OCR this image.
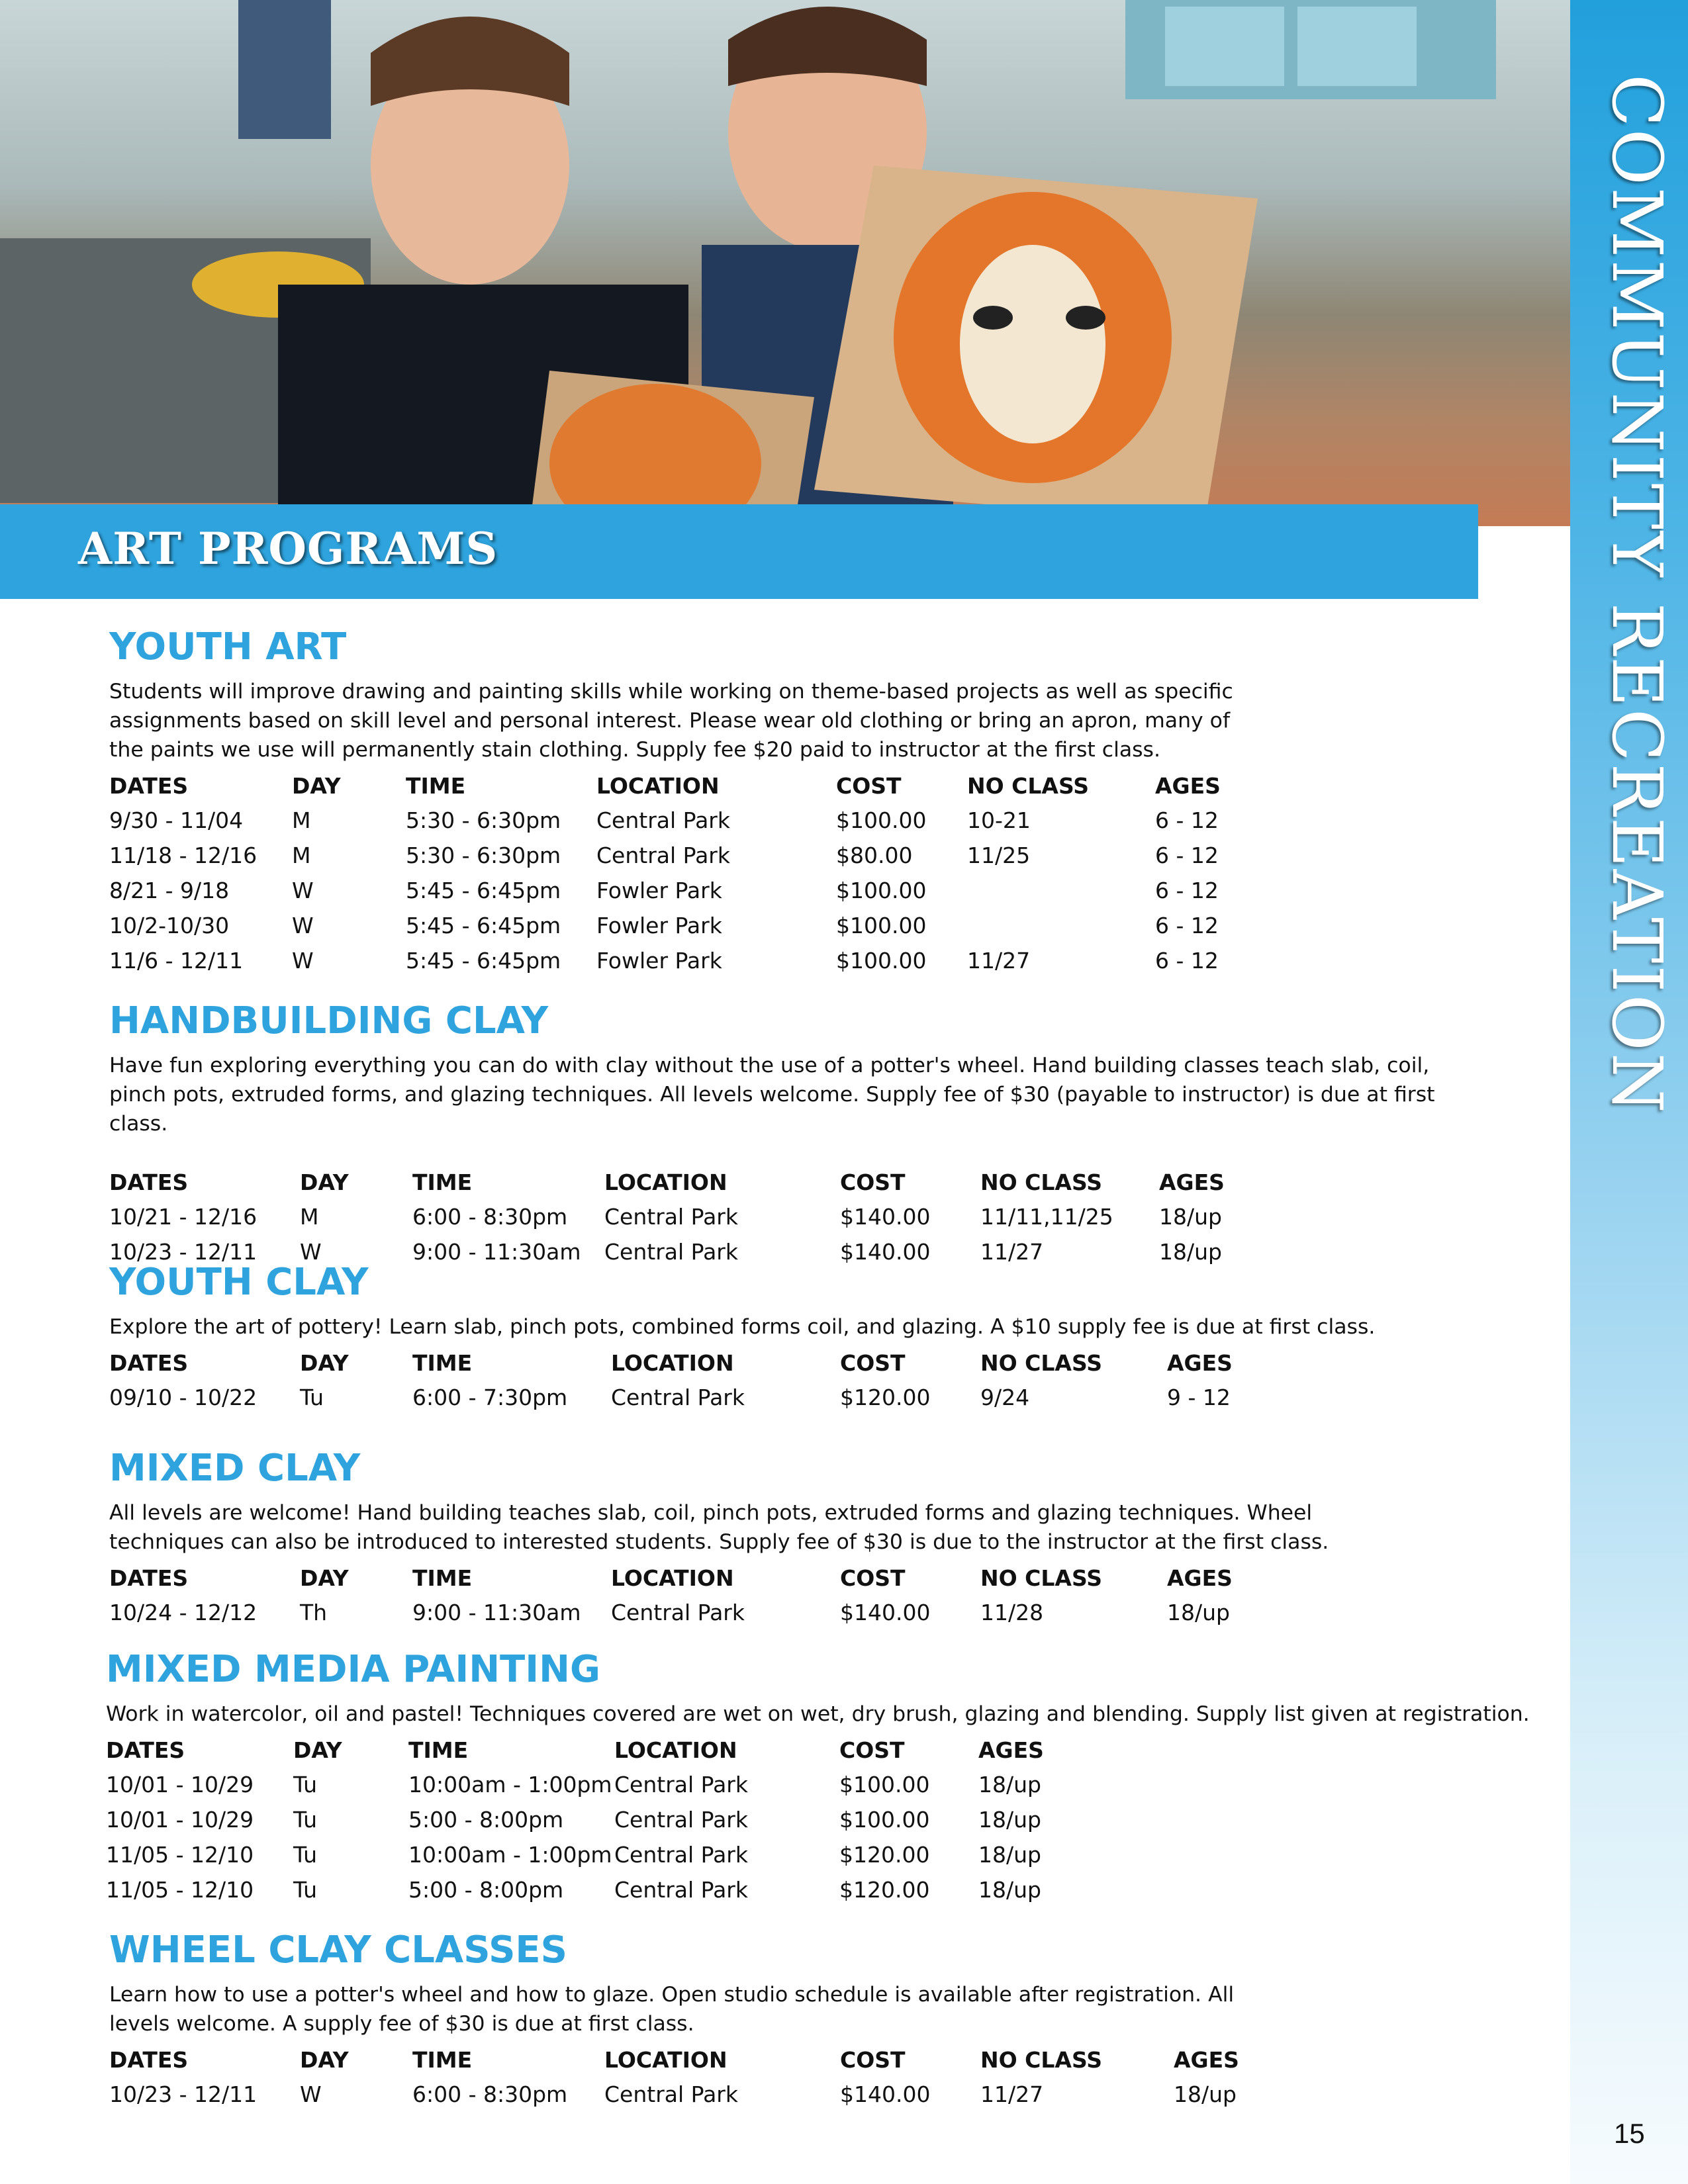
COMMUNITY RECREATION
15
ART PROGRAMS
YOUTH ART

Students will improve drawing and painting skills while working on theme-based projects as well as specific assignments based on skill level and personal interest. Please wear old clothing or bring an apron, many of the paints we use will permanently stain clothing. Supply fee $20 paid to instructor at the first class.

DATES	DAY	TIME	LOCATION	COST	NO CLASS	AGES
9/30 - 11/04	M	5:30 - 6:30pm	Central Park	$100.00	10-21	6 - 12
11/18 - 12/16	M	5:30 - 6:30pm	Central Park	$80.00	11/25	6 - 12
8/21 - 9/18	W	5:45 - 6:45pm	Fowler Park	$100.00		6 - 12
10/2-10/30	W	5:45 - 6:45pm	Fowler Park	$100.00		6 - 12
11/6 - 12/11	W	5:45 - 6:45pm	Fowler Park	$100.00	11/27	6 - 12
HANDBUILDING CLAY

Have fun exploring everything you can do with clay without the use of a potter's wheel. Hand building classes teach slab, coil, pinch pots, extruded forms, and glazing techniques. All levels welcome. Supply fee of $30 (payable to instructor) is due at first class.

DATES	DAY	TIME	LOCATION	COST	NO CLASS	AGES
10/21 - 12/16	M	6:00 - 8:30pm	Central Park	$140.00	11/11,11/25	18/up
10/23 - 12/11	W	9:00 - 11:30am	Central Park	$140.00	11/27	18/up
YOUTH CLAY

Explore the art of pottery! Learn slab, pinch pots, combined forms coil, and glazing. A $10 supply fee is due at first class.

DATES	DAY	TIME	LOCATION	COST	NO CLASS	AGES
09/10 - 10/22	Tu	6:00 - 7:30pm	Central Park	$120.00	9/24	9 - 12
MIXED CLAY

All levels are welcome! Hand building teaches slab, coil, pinch pots, extruded forms and glazing techniques. Wheel techniques can also be introduced to interested students. Supply fee of $30 is due to the instructor at the first class.

DATES	DAY	TIME	LOCATION	COST	NO CLASS	AGES
10/24 - 12/12	Th	9:00 - 11:30am	Central Park	$140.00	11/28	18/up
MIXED MEDIA PAINTING

Work in watercolor, oil and pastel! Techniques covered are wet on wet, dry brush, glazing and blending. Supply list given at registration.

DATES	DAY	TIME	LOCATION	COST	AGES
10/01 - 10/29	Tu	10:00am - 1:00pm	Central Park	$100.00	18/up
10/01 - 10/29	Tu	5:00 - 8:00pm	Central Park	$100.00	18/up
11/05 - 12/10	Tu	10:00am - 1:00pm	Central Park	$120.00	18/up
11/05 - 12/10	Tu	5:00 - 8:00pm	Central Park	$120.00	18/up
WHEEL CLAY CLASSES

Learn how to use a potter's wheel and how to glaze. Open studio schedule is available after registration. All levels welcome. A supply fee of $30 is due at first class.

DATES	DAY	TIME	LOCATION	COST	NO CLASS	AGES
10/23 - 12/11	W	6:00 - 8:30pm	Central Park	$140.00	11/27	18/up
